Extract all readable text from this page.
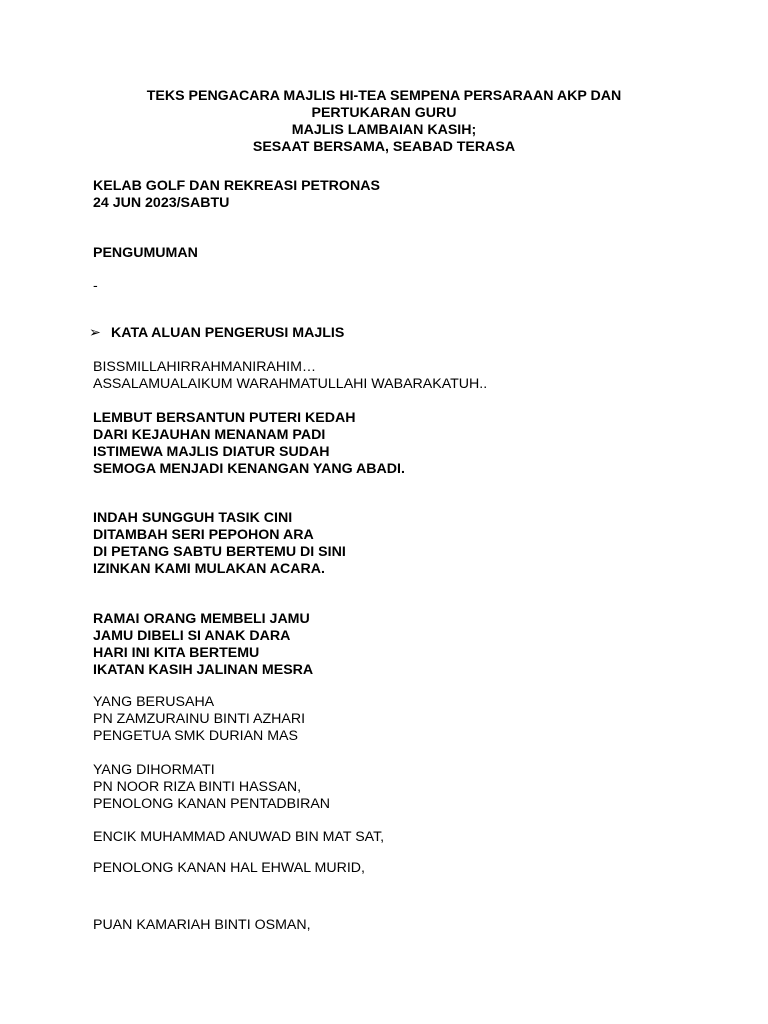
TEKS PENGACARA MAJLIS HI-TEA SEMPENA PERSARAAN AKP DAN
PERTUKARAN GURU
MAJLIS LAMBAIAN KASIH;
SESAAT BERSAMA, SEABAD TERASA
KELAB GOLF DAN REKREASI PETRONAS
24 JUN 2023/SABTU
PENGUMUMAN
-
➢ KATA ALUAN PENGERUSI MAJLIS
BISSMILLAHIRRAHMANIRAHIM…
ASSALAMUALAIKUM WARAHMATULLAHI WABARAKATUH..
LEMBUT BERSANTUN PUTERI KEDAH
DARI KEJAUHAN MENANAM PADI
ISTIMEWA MAJLIS DIATUR SUDAH
SEMOGA MENJADI KENANGAN YANG ABADI.
INDAH SUNGGUH TASIK CINI
DITAMBAH SERI PEPOHON ARA
DI PETANG SABTU BERTEMU DI SINI
IZINKAN KAMI MULAKAN ACARA.
RAMAI ORANG MEMBELI JAMU
JAMU DIBELI SI ANAK DARA
HARI INI KITA BERTEMU
IKATAN KASIH JALINAN MESRA
YANG BERUSAHA
PN ZAMZURAINU BINTI AZHARI
PENGETUA SMK DURIAN MAS
YANG DIHORMATI
PN NOOR RIZA BINTI HASSAN,
PENOLONG KANAN PENTADBIRAN
ENCIK MUHAMMAD ANUWAD BIN MAT SAT,
PENOLONG KANAN HAL EHWAL MURID,
PUAN KAMARIAH BINTI OSMAN,
